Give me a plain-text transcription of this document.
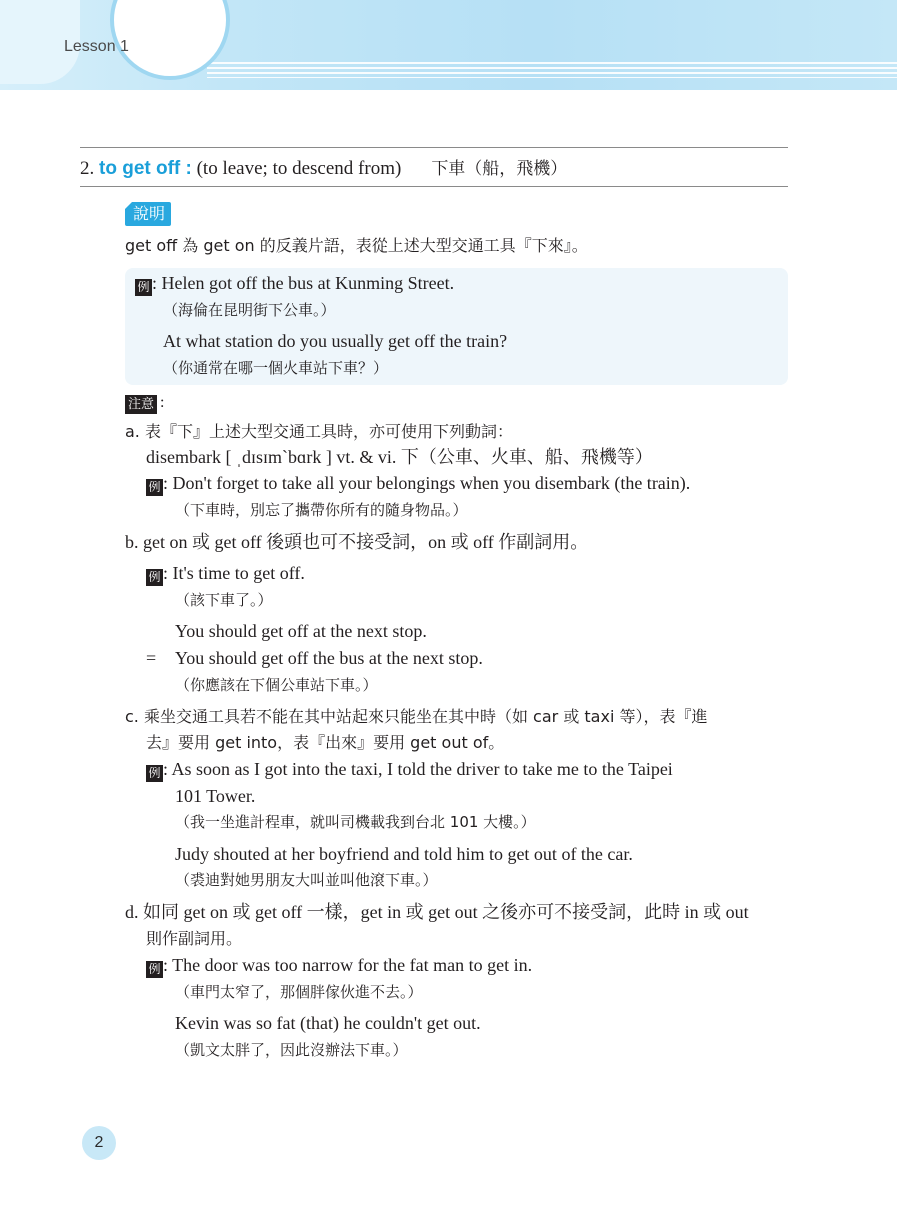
Lesson 1
2. to get off : (to leave; to descend from) 下車（船，飛機）
說明
get off 為 get on 的反義片語，表從上述大型交通工具『下來』。
例 : Helen got off the bus at Kunming Street.
（海倫在昆明街下公車。）
At what station do you usually get off the train?
（你通常在哪一個火車站下車？）
注意 :
a. 表『下』上述大型交通工具時，亦可使用下列動詞：
disembark [ ˌdɪsɪmˋbɑrk ] vt. & vi. 下（公車、火車、船、飛機等）
例 : Don't forget to take all your belongings when you disembark (the train).
（下車時，別忘了攜帶你所有的隨身物品。）
b. get on 或 get off 後頭也可不接受詞，on 或 off 作副詞用。
例 : It's time to get off.
（該下車了。）
You should get off at the next stop.
= You should get off the bus at the next stop.
（你應該在下個公車站下車。）
c. 乘坐交通工具若不能在其中站起來只能坐在其中時（如 car 或 taxi 等），表『進
去』要用 get into，表『出來』要用 get out of。
例 : As soon as I got into the taxi, I told the driver to take me to the Taipei
101 Tower.
（我一坐進計程車，就叫司機載我到台北 101 大樓。）
Judy shouted at her boyfriend and told him to get out of the car.
（裘迪對她男朋友大叫並叫他滾下車。）
d. 如同 get on 或 get off 一樣，get in 或 get out 之後亦可不接受詞，此時 in 或 out
則作副詞用。
例 : The door was too narrow for the fat man to get in.
（車門太窄了，那個胖傢伙進不去。）
Kevin was so fat (that) he couldn't get out.
（凱文太胖了，因此沒辦法下車。）
2
